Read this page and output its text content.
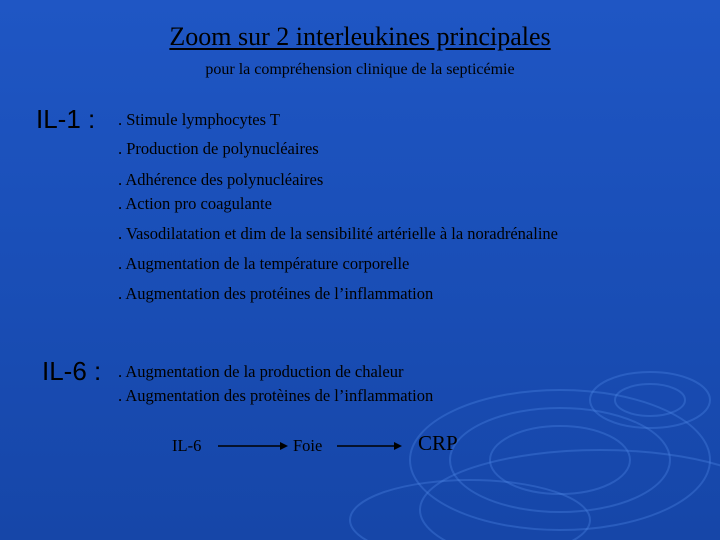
Zoom sur 2 interleukines principales
pour la compréhension clinique de la septicémie
IL-1 : . Stimule lymphocytes T
. Production de polynucléaires
. Adhérence des polynucléaires
. Action pro coagulante
. Vasodilatation et dim de la sensibilité artérielle à la noradrénaline
. Augmentation de la température corporelle
. Augmentation des protéines de l’inflammation
IL-6 : . Augmentation de la production de chaleur
. Augmentation des protèines de l’inflammation
IL-6	Foie	CRP
